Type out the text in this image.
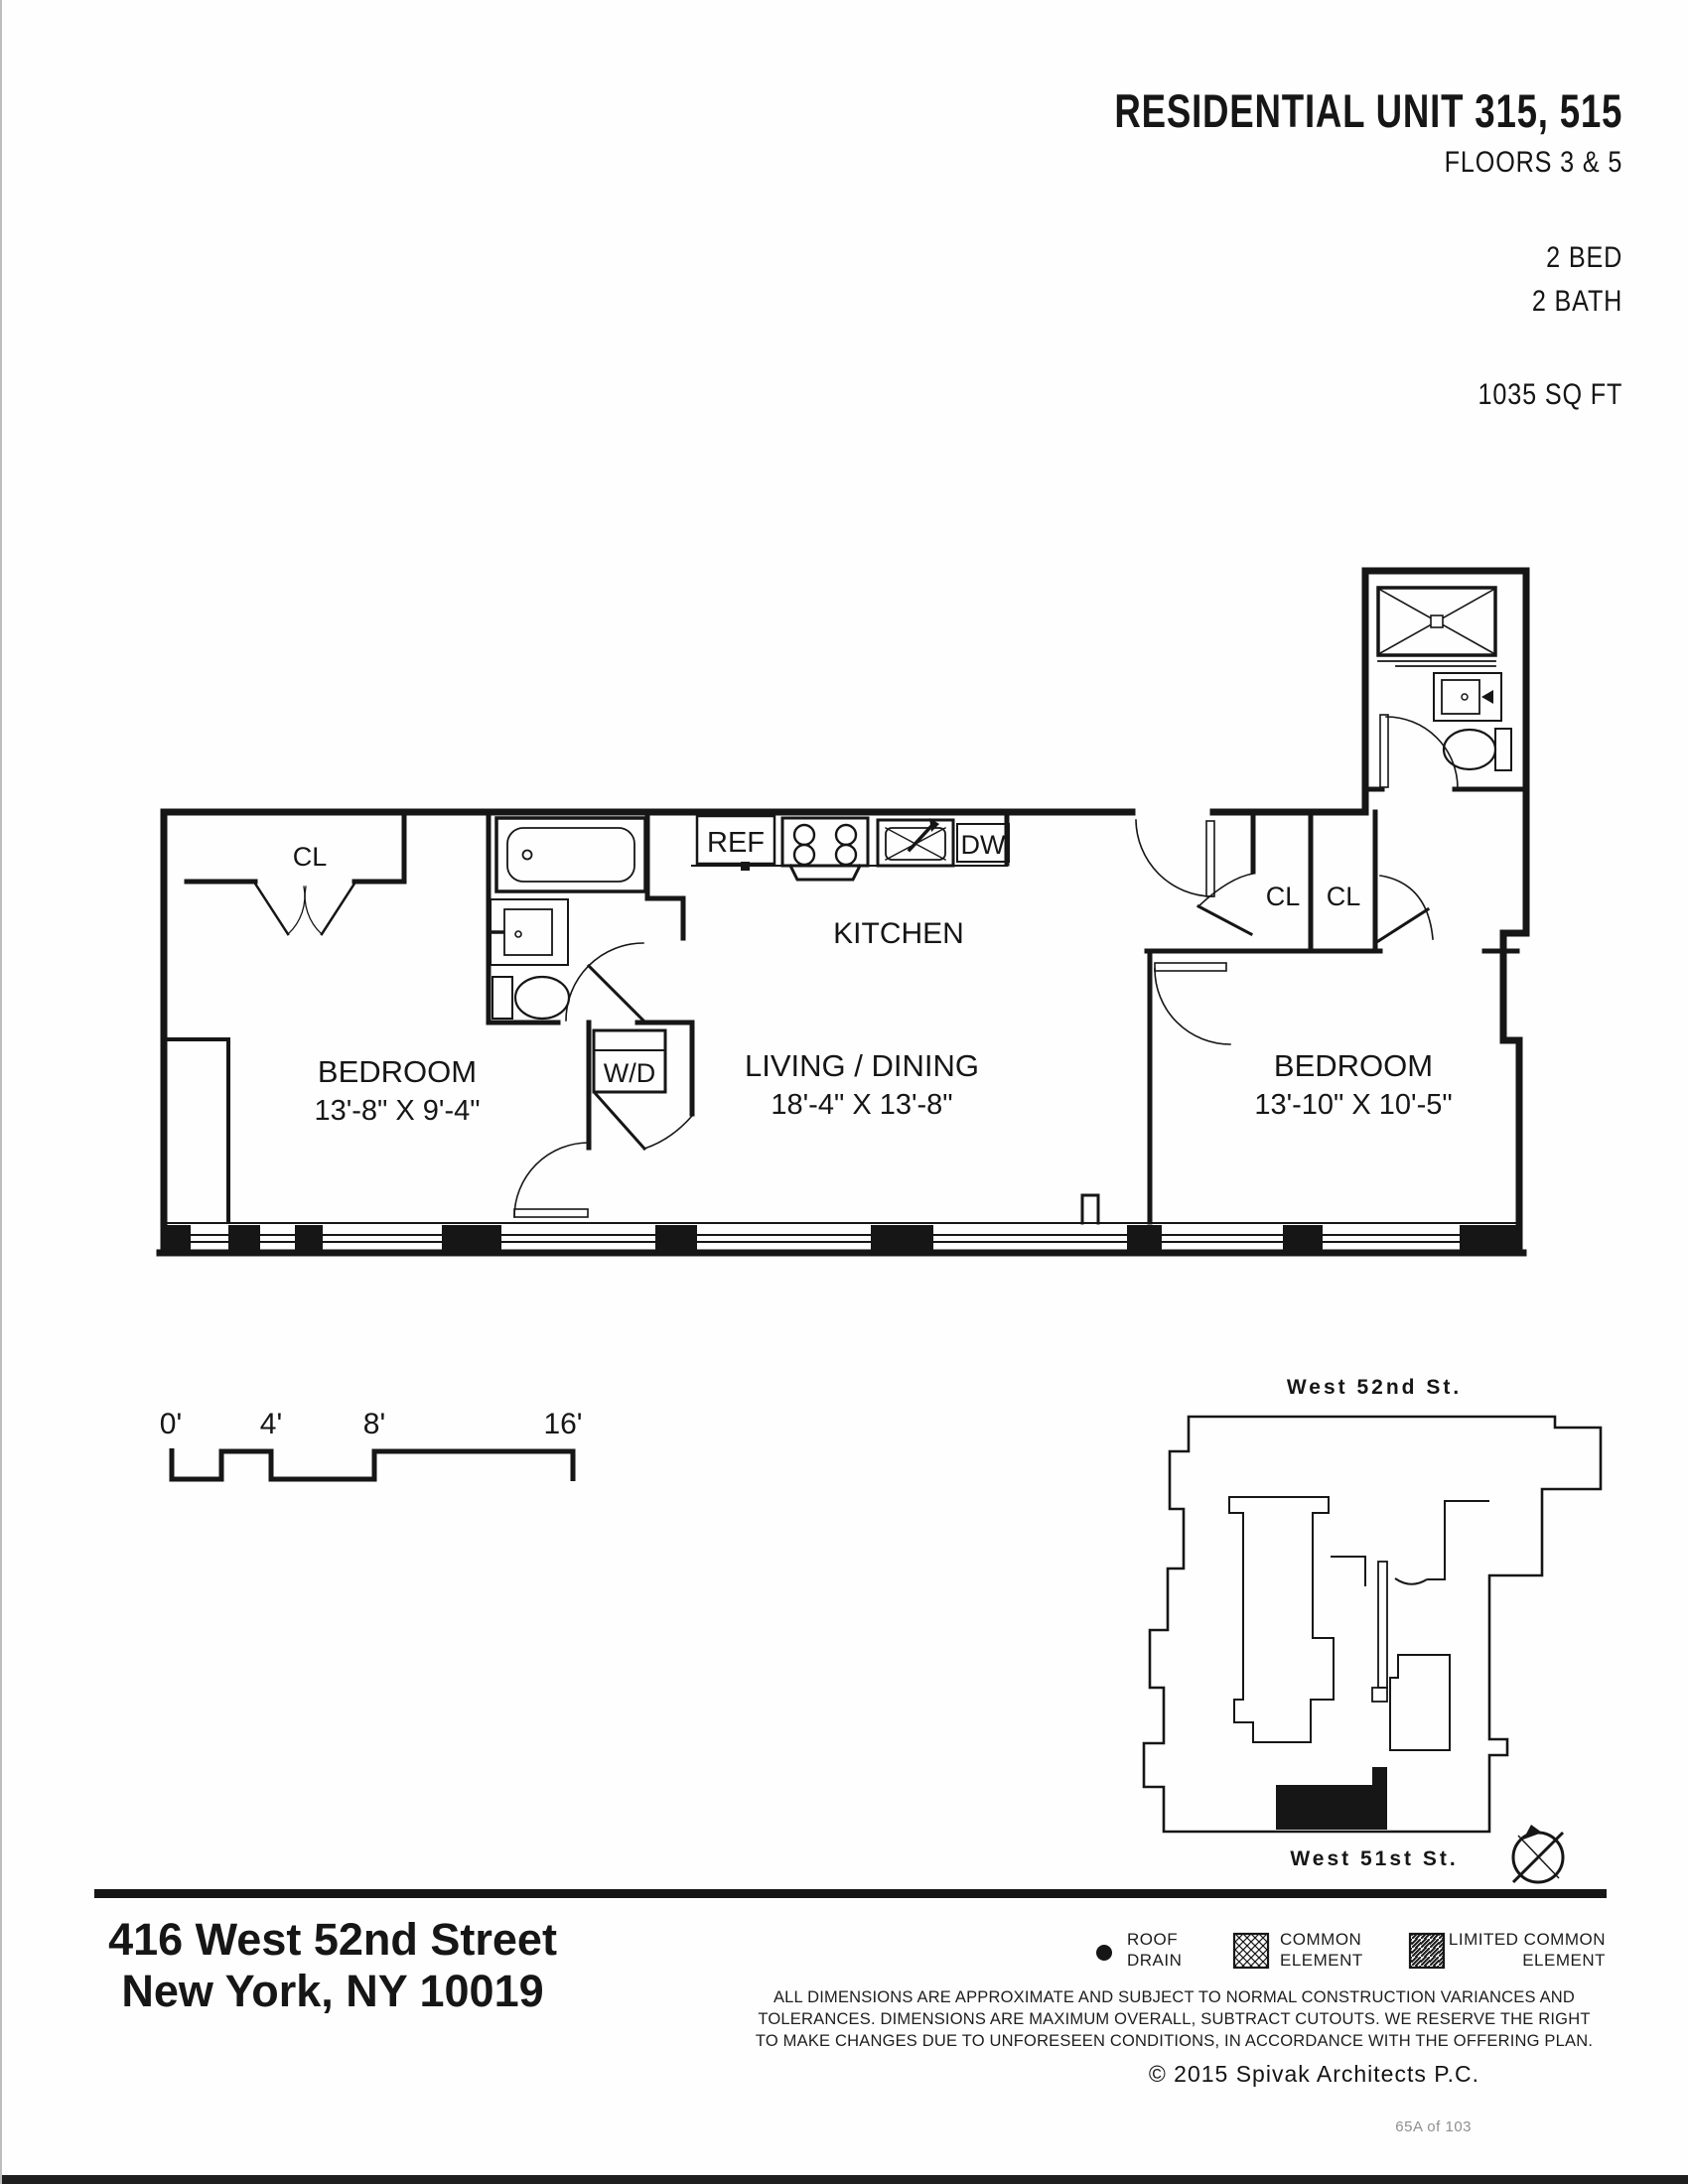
RESIDENTIAL UNIT 315, 515
FLOORS 3 & 5
2 BED
2 BATH
1035 SQ FT
CL
BEDROOM
13'-8" X 9'-4"
KITCHEN
LIVING / DINING
18'-4" X 13'-8"
BEDROOM
13'-10" X 10'-5"
CL CL
REF	DW
W/D
0'	4'	8'	16'
West 52nd St.
West 51st St.
416 West 52nd Street
New York, NY 10019
ROOF
DRAIN
COMMON
ELEMENT
LIMITED COMMON
ELEMENT
ALL DIMENSIONS ARE APPROXIMATE AND SUBJECT TO NORMAL CONSTRUCTION VARIANCES AND
TOLERANCES. DIMENSIONS ARE MAXIMUM OVERALL, SUBTRACT CUTOUTS. WE RESERVE THE RIGHT
TO MAKE CHANGES DUE TO UNFORESEEN CONDITIONS, IN ACCORDANCE WITH THE OFFERING PLAN.
© 2015 Spivak Architects P.C.
65A of 103
